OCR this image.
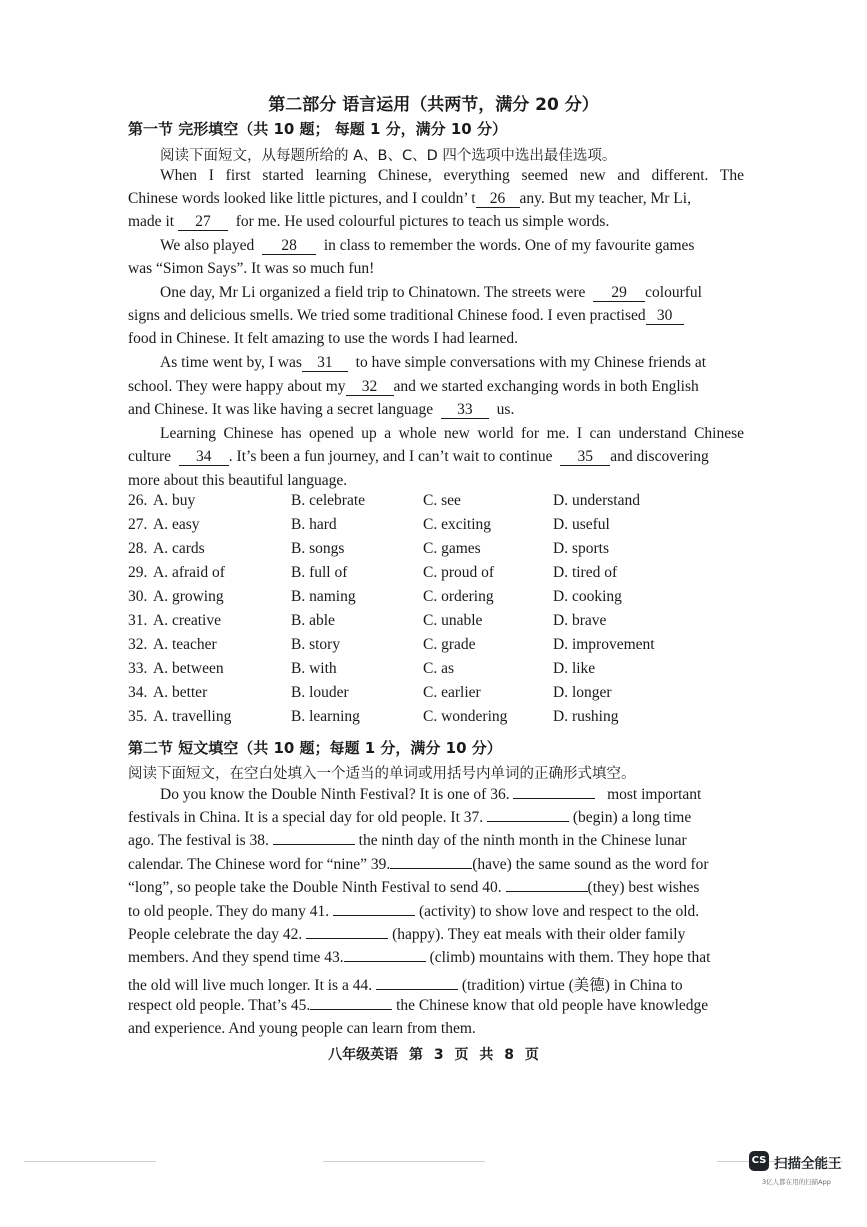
第二部分 语言运用（共两节，满分 20 分）
第一节 完形填空（共 10 题； 每题 1 分，满分 10 分）
阅读下面短文，从每题所给的 A、B、C、D 四个选项中选出最佳选项。
When I first started learning Chinese, everything seemed new and different. The
Chinese words looked like little pictures, and I couldn’ t 26 any. But my teacher, Mr Li,
made it 27 for me. He used colourful pictures to teach us simple words.
We also played 28 in class to remember the words. One of my favourite games
was “Simon Says”. It was so much fun!
One day, Mr Li organized a field trip to Chinatown. The streets were 29 colourful
signs and delicious smells. We tried some traditional Chinese food. I even practised 30
food in Chinese. It felt amazing to use the words I had learned.
As time went by, I was 31 to have simple conversations with my Chinese friends at
school. They were happy about my 32 and we started exchanging words in both English
and Chinese. It was like having a secret language 33 us.
Learning Chinese has opened up a whole new world for me. I can understand Chinese
culture 34 . It’s been a fun journey, and I can’t wait to continue 35 and discovering
more about this beautiful language.
26. A. buy	B. celebrate	C. see	D. understand
27. A. easy	B. hard	C. exciting	D. useful
28. A. cards	B. songs	C. games	D. sports
29. A. afraid of	B. full of	C. proud of	D. tired of
30. A. growing	B. naming	C. ordering	D. cooking
31. A. creative	B. able	C. unable	D. brave
32. A. teacher	B. story	C. grade	D. improvement
33. A. between	B. with	C. as	D. like
34. A. better	B. louder	C. earlier	D. longer
35. A. travelling	B. learning	C. wondering	D. rushing
第二节 短文填空（共 10 题；每题 1 分，满分 10 分）
阅读下面短文，在空白处填入一个适当的单词或用括号内单词的正确形式填空。
Do you know the Double Ninth Festival? It is one of 36.	most important
festivals in China. It is a special day for old people. It 37.	(begin) a long time
ago. The festival is 38.	the ninth day of the ninth month in the Chinese lunar
calendar. The Chinese word for “nine” 39.	(have) the same sound as the word for
“long”, so people take the Double Ninth Festival to send 40.	(they) best wishes
to old people. They do many 41.	(activity) to show love and respect to the old.
People celebrate the day 42.	(happy). They eat meals with their older family
members. And they spend time 43.	(climb) mountains with them. They hope that
the old will live much longer. It is a 44.	(tradition) virtue (美德) in China to
respect old people. That’s 45.	the Chinese know that old people have knowledge
and experience. And young people can learn from them.
八年级英语 第 3 页 共 8 页
CS 扫描全能王
3亿人都在用的扫描App
